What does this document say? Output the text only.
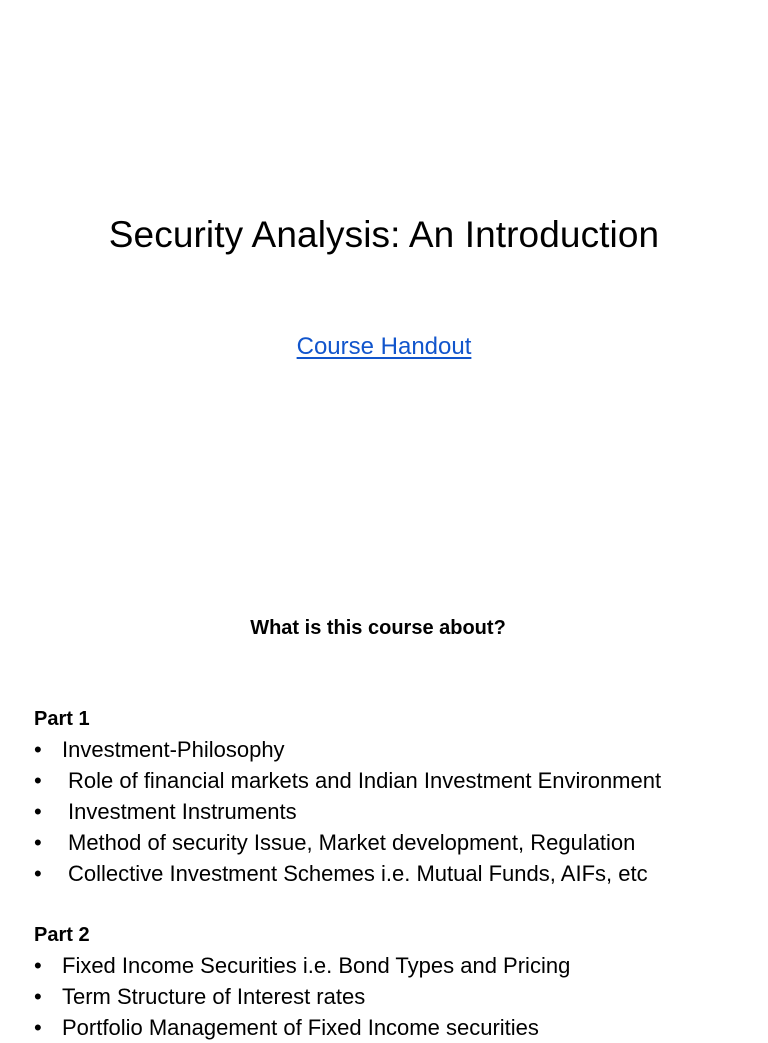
Security Analysis: An Introduction
Course Handout
What is this course about?
Part 1
• Investment-Philosophy
• Role of financial markets and Indian Investment Environment
• Investment Instruments
• Method of security Issue, Market development, Regulation
• Collective Investment Schemes i.e. Mutual Funds, AIFs, etc
Part 2
• Fixed Income Securities i.e. Bond Types and Pricing
• Term Structure of Interest rates
• Portfolio Management of Fixed Income securities
